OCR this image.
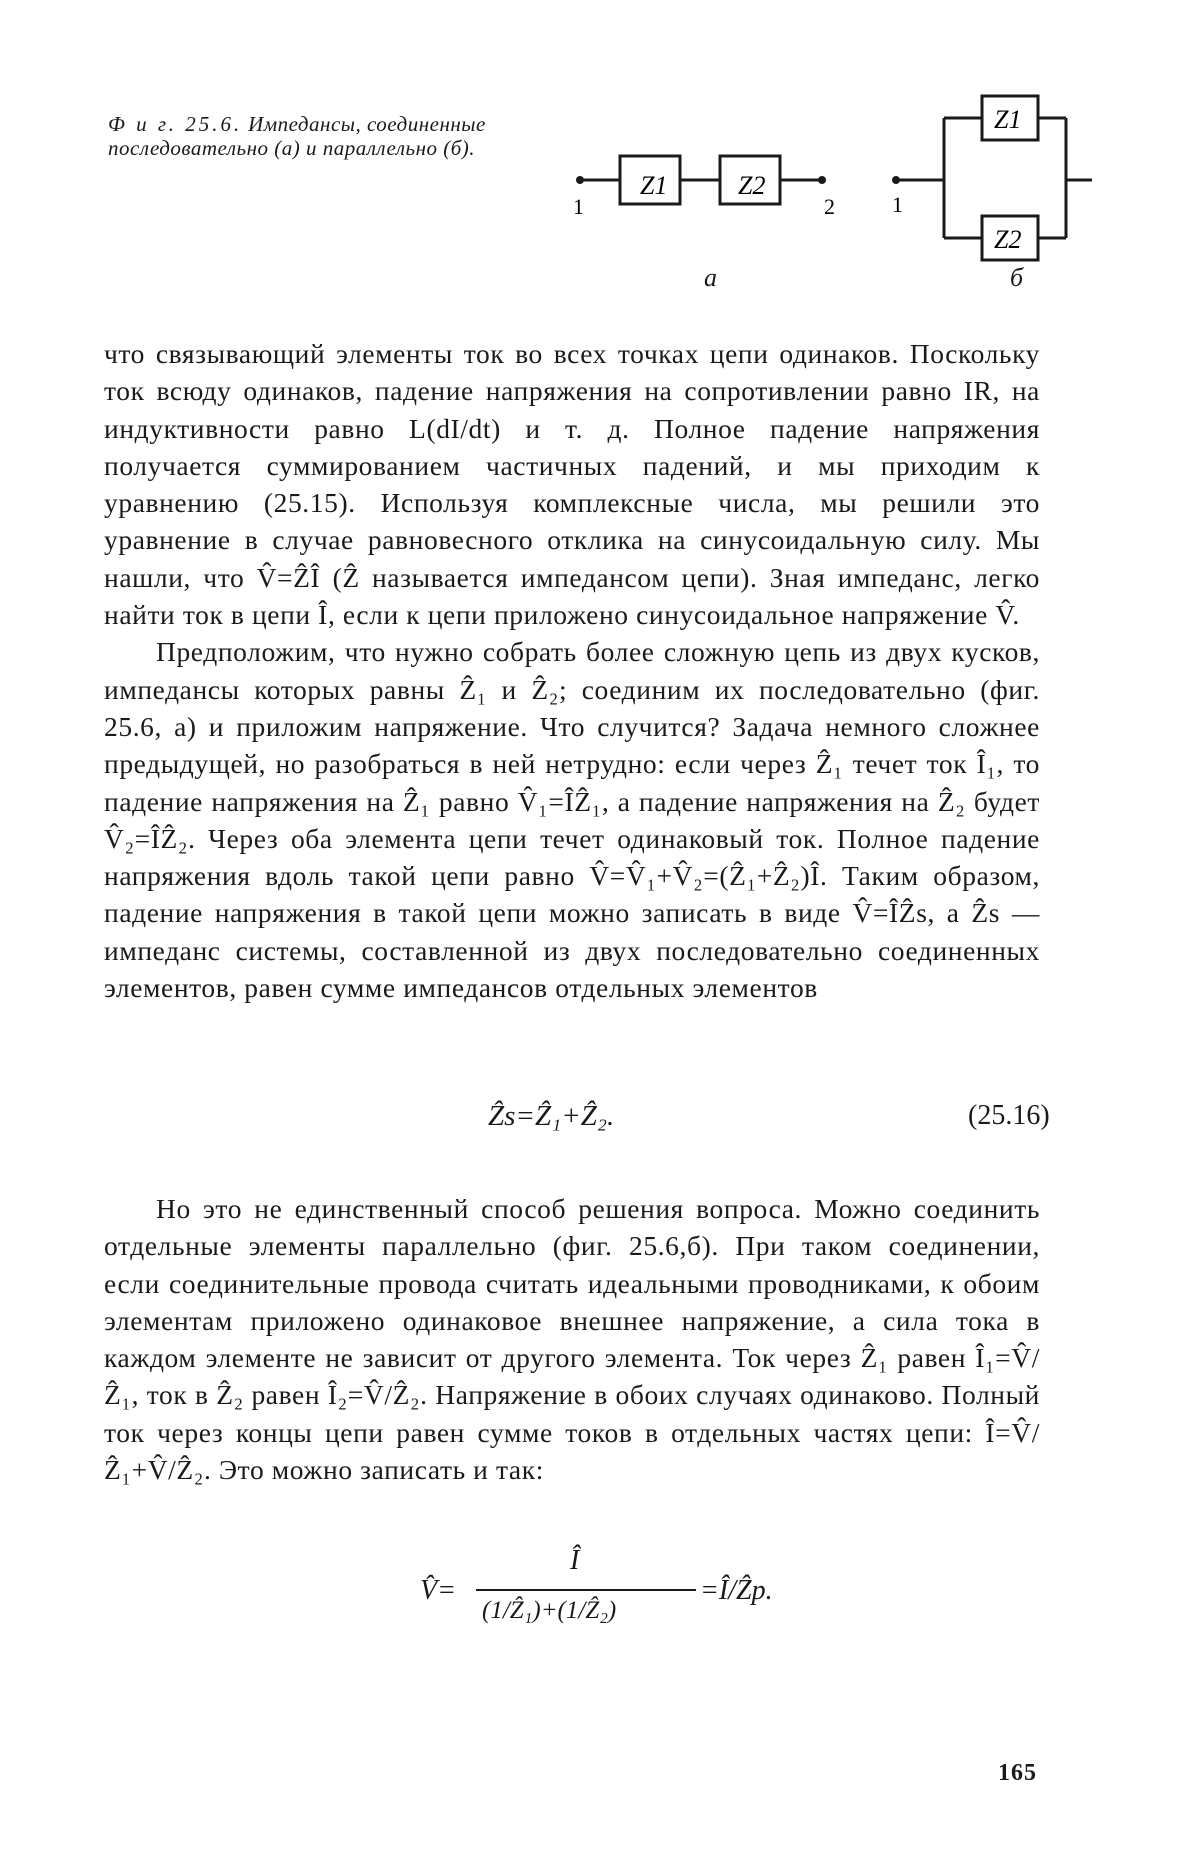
Ф и г. 25.6. Импедансы, соединенные последовательно (а) и параллельно (б).
Z1	Z2
1	2
Z1
Z2
1
а	б

что связывающий элементы ток во всех точках цепи одинаков. Поскольку ток всюду одинаков, падение напряжения на сопротивлении равно IR, на индуктивности равно L(dI/dt) и т. д. Полное падение напряжения получается суммированием частичных падений, и мы приходим к уравнению (25.15). Используя комплексные числа, мы решили это уравнение в случае равновесного отклика на синусоидальную силу. Мы нашли, что V̂=ẐÎ (Ẑ называется импедансом цепи). Зная импеданс, легко найти ток в цепи Î, если к цепи приложено синусоидальное напряжение V̂.

Предположим, что нужно собрать более сложную цепь из двух кусков, импедансы которых равны Ẑ₁ и Ẑ₂; соединим их последовательно (фиг. 25.6, а) и приложим напряжение. Что случится? Задача немного сложнее предыдущей, но разобраться в ней нетрудно: если через Ẑ₁ течет ток Î₁, то падение напряжения на Ẑ₁ равно V̂₁=ÎẐ₁, а падение напряжения на Ẑ₂ будет V̂₂=ÎẐ₂. Через оба элемента цепи течет одинаковый ток. Полное падение напряжения вдоль такой цепи равно V̂=V̂₁+V̂₂=(Ẑ₁+Ẑ₂)Î. Таким образом, падение напряжения в такой цепи можно записать в виде V̂=ÎẐs, а Ẑs — импеданс системы, составленной из двух последовательно соединенных элементов, равен сумме импедансов отдельных элементов

Ẑs=Ẑ₁+Ẑ₂.	(25.16)

Но это не единственный способ решения вопроса. Можно соединить отдельные элементы параллельно (фиг. 25.6,б). При таком соединении, если соединительные провода считать идеальными проводниками, к обоим элементам приложено одинаковое внешнее напряжение, а сила тока в каждом элементе не зависит от другого элемента. Ток через Ẑ₁ равен Î₁=V̂/Ẑ₁, ток в Ẑ₂ равен Î₂=V̂/Ẑ₂. Напряжение в обоих случаях одинаково. Полный ток через концы цепи равен сумме токов в отдельных частях цепи: Î=V̂/Ẑ₁+V̂/Ẑ₂. Это можно записать и так:

V̂=
Î
(1/Ẑ₁)+(1/Ẑ₂)
=Î/Ẑp.
165
